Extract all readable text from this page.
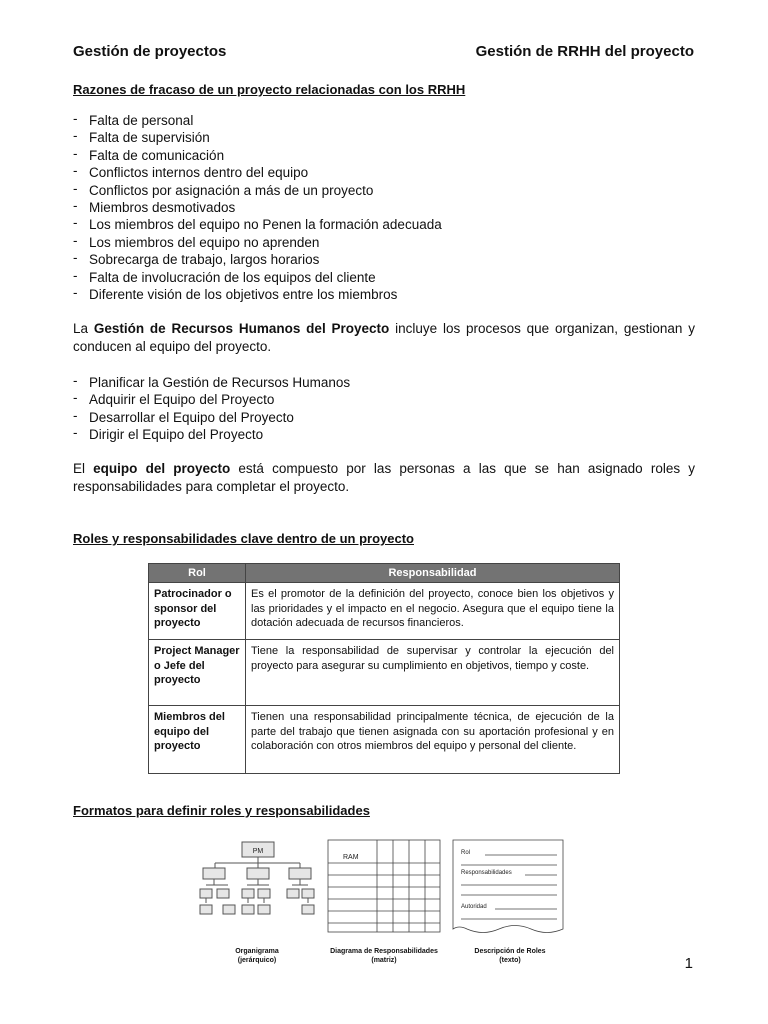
Gestión de proyectos	Gestión de RRHH del proyecto
Razones de fracaso de un proyecto relacionadas con los RRHH
- Falta de personal
- Falta de supervisión
- Falta de comunicación
- Conflictos internos dentro del equipo
- Conflictos por asignación a más de un proyecto
- Miembros desmotivados
- Los miembros del equipo no Penen la formación adecuada
- Los miembros del equipo no aprenden
- Sobrecarga de trabajo, largos horarios
- Falta de involucración de los equipos del cliente
- Diferente visión de los objetivos entre los miembros

La Gestión de Recursos Humanos del Proyecto incluye los procesos que organizan, gestionan y conducen al equipo del proyecto.

- Planificar la Gestión de Recursos Humanos
- Adquirir el Equipo del Proyecto
- Desarrollar el Equipo del Proyecto
- Dirigir el Equipo del Proyecto

El equipo del proyecto está compuesto por las personas a las que se han asignado roles y responsabilidades para completar el proyecto.

Roles y responsabilidades clave dentro de un proyecto
Rol	Responsabilidad
Patrocinador o sponsor del proyecto	Es el promotor de la definición del proyecto, conoce bien los objetivos y las prioridades y el impacto en el negocio. Asegura que el equipo tiene la dotación adecuada de recursos financieros.
Project Manager o Jefe del proyecto	Tiene la responsabilidad de supervisar y controlar la ejecución del proyecto para asegurar su cumplimiento en objetivos, tiempo y coste.
Miembros del equipo del proyecto	Tienen una responsabilidad principalmente técnica, de ejecución de la parte del trabajo que tienen asignada con su aportación profesional y en colaboración con otros miembros del equipo y personal del cliente.
Formatos para definir roles y responsabilidades
PM
RAM
Rol
Responsabilidades
Autoridad
Organigrama
(jerárquico)
Diagrama de Responsabilidades
(matriz)
Descripción de Roles
(texto)	1
